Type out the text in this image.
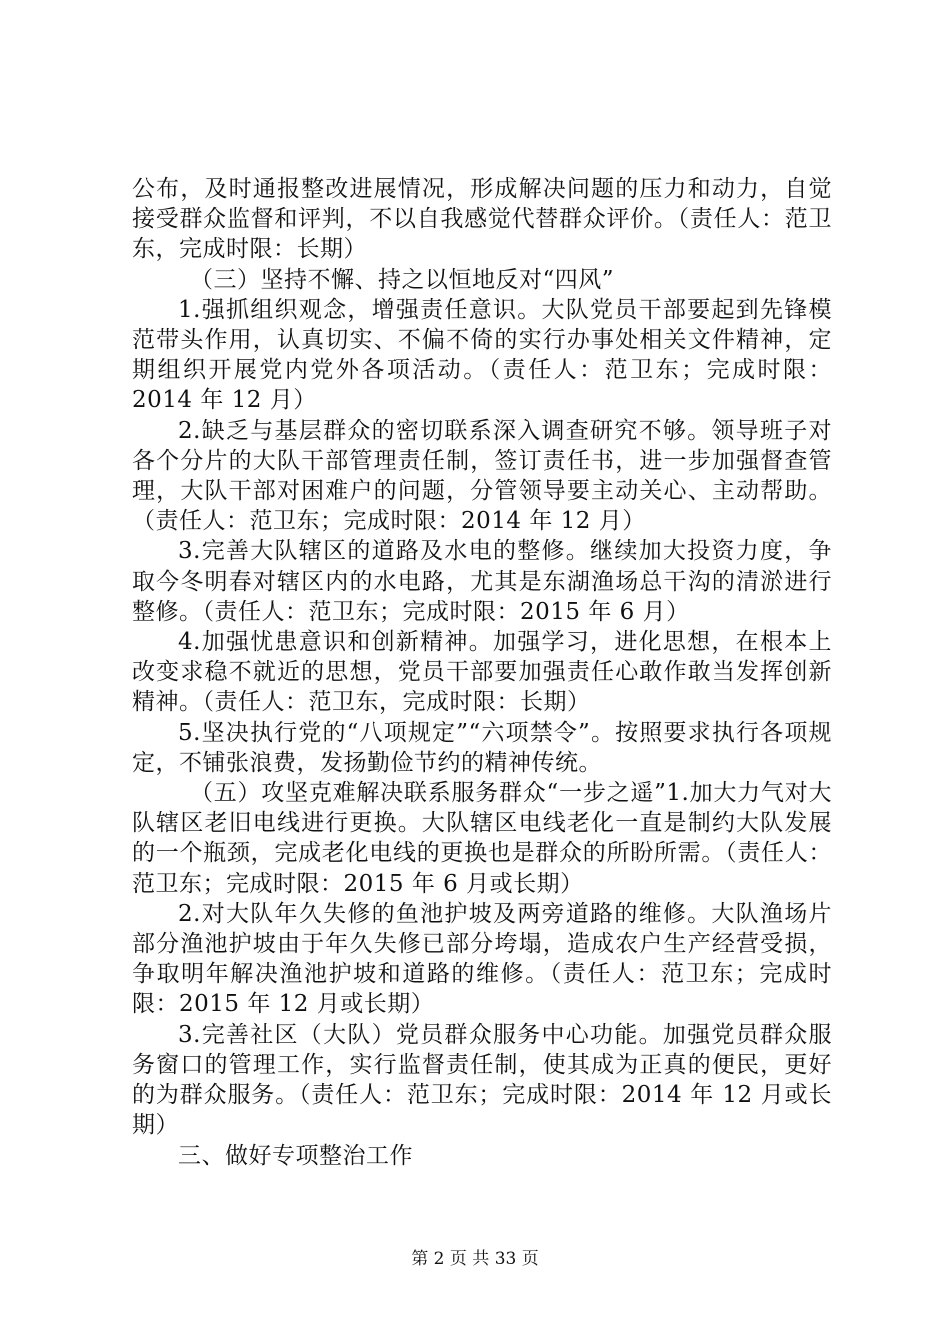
公布，及时通报整改进展情况，形成解决问题的压力和动力，自觉接受群众监督和评判，不以自我感觉代替群众评价。（责任人：范卫东，完成时限：长期）

（三）坚持不懈、持之以恒地反对“四风”

1.强抓组织观念，增强责任意识。大队党员干部要起到先锋模范带头作用，认真切实、不偏不倚的实行办事处相关文件精神，定期组织开展党内党外各项活动。（责任人：范卫东；完成时限：2014 年 12 月）

2.缺乏与基层群众的密切联系深入调查研究不够。领导班子对各个分片的大队干部管理责任制，签订责任书，进一步加强督查管理，大队干部对困难户的问题，分管领导要主动关心、主动帮助。（责任人：范卫东；完成时限：2014 年 12 月）

3.完善大队辖区的道路及水电的整修。继续加大投资力度，争取今冬明春对辖区内的水电路，尤其是东湖渔场总干沟的清淤进行整修。（责任人：范卫东；完成时限：2015 年 6 月）

4.加强忧患意识和创新精神。加强学习，进化思想，在根本上改变求稳不就近的思想，党员干部要加强责任心敢作敢当发挥创新精神。（责任人：范卫东，完成时限：长期）

5.坚决执行党的“八项规定”“六项禁令”。按照要求执行各项规定，不铺张浪费，发扬勤俭节约的精神传统。

（五）攻坚克难解决联系服务群众“一步之遥”1.加大力气对大队辖区老旧电线进行更换。大队辖区电线老化一直是制约大队发展的一个瓶颈，完成老化电线的更换也是群众的所盼所需。（责任人：范卫东；完成时限：2015 年 6 月或长期）

2.对大队年久失修的鱼池护坡及两旁道路的维修。大队渔场片部分渔池护坡由于年久失修已部分垮塌，造成农户生产经营受损，争取明年解决渔池护坡和道路的维修。（责任人：范卫东；完成时限：2015 年 12 月或长期）

3.完善社区（大队）党员群众服务中心功能。加强党员群众服务窗口的管理工作，实行监督责任制，使其成为正真的便民，更好的为群众服务。（责任人：范卫东；完成时限：2014 年 12 月或长期）

三、做好专项整治工作

第 2 页 共 33 页
